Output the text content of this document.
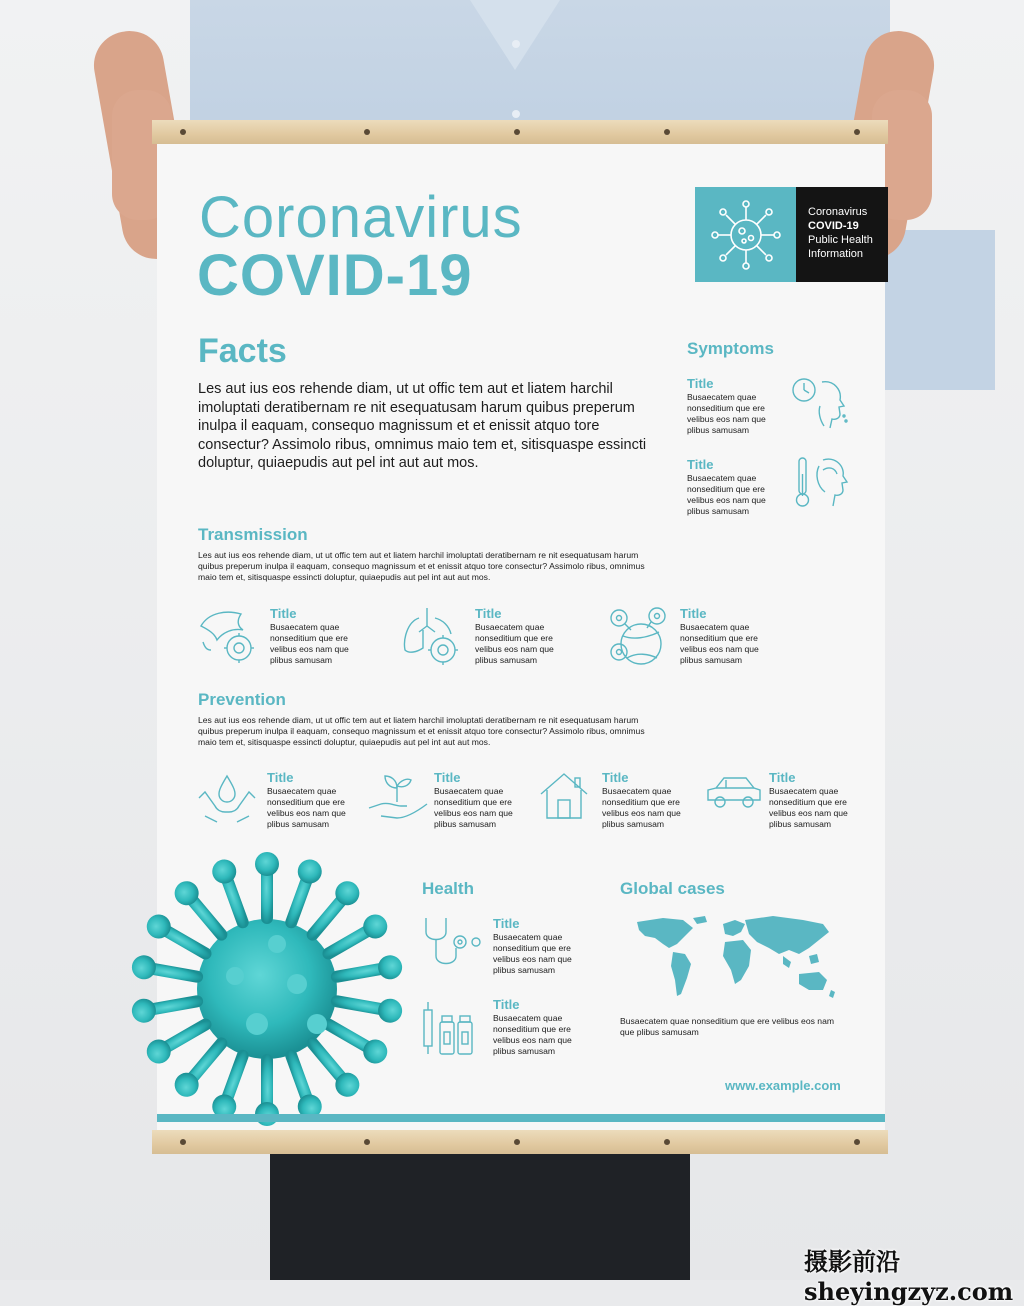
Coronavirus
COVID-19
Coronavirus
COVID-19
Public Health
Information
Facts
Les aut ius eos rehende diam, ut ut offic tem aut et liatem harchil imoluptati deratibernam re nit esequatusam harum quibus preperum inulpa il eaquam, consequo magnissum et et enissit atquo tore consectur? Assimolo ribus, omnimus maio tem et, sitisquaspe essincti doluptur, quiaepudis aut pel int aut aut mos.
Symptoms
Title
Busaecatem quae nonseditium que ere velibus eos nam que plibus samusam
Title
Busaecatem quae nonseditium que ere velibus eos nam que plibus samusam
Transmission
Les aut ius eos rehende diam, ut ut offic tem aut et liatem harchil imoluptati deratibernam re nit esequatusam harum quibus preperum inulpa il eaquam, consequo magnissum et et enissit atquo tore consectur? Assimolo ribus, omnimus maio tem et, sitisquaspe essincti doluptur, quiaepudis aut pel int aut aut mos.
Title
Busaecatem quae nonseditium que ere velibus eos nam que plibus samusam
Title
Busaecatem quae nonseditium que ere velibus eos nam que plibus samusam
Title
Busaecatem quae nonseditium que ere velibus eos nam que plibus samusam
Prevention
Les aut ius eos rehende diam, ut ut offic tem aut et liatem harchil imoluptati deratibernam re nit esequatusam harum quibus preperum inulpa il eaquam, consequo magnissum et et enissit atquo tore consectur? Assimolo ribus, omnimus maio tem et, sitisquaspe essincti doluptur, quiaepudis aut pel int aut aut mos.
Title
Busaecatem quae nonseditium que ere velibus eos nam que plibus samusam
Title
Busaecatem quae nonseditium que ere velibus eos nam que plibus samusam
Title
Busaecatem quae nonseditium que ere velibus eos nam que plibus samusam
Title
Busaecatem quae nonseditium que ere velibus eos nam que plibus samusam
Health
Title
Busaecatem quae nonseditium que ere velibus eos nam que plibus samusam
Title
Busaecatem quae nonseditium que ere velibus eos nam que plibus samusam
Global cases
Busaecatem quae nonseditium que ere velibus eos nam que plibus samusam
www.example.com
摄影前沿 sheyingzyz.com
